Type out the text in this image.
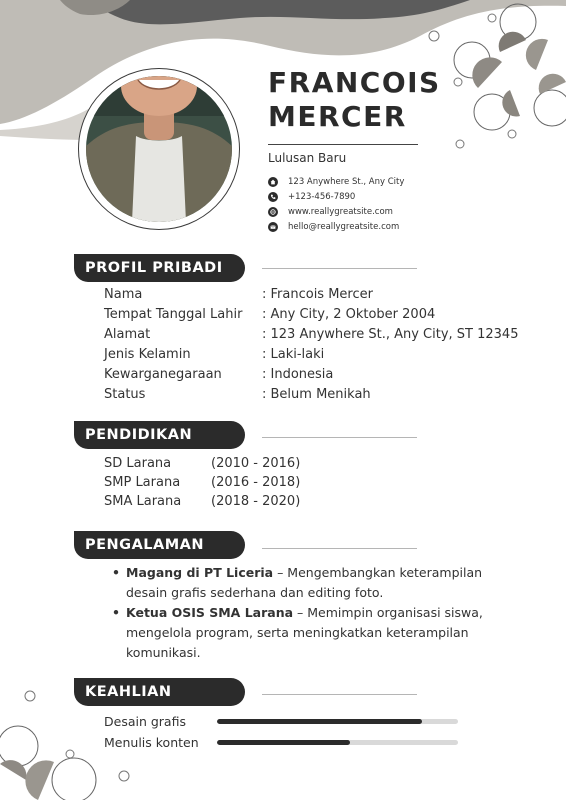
FRANCOIS
MERCER
Lulusan Baru
123 Anywhere St., Any City
+123-456-7890
www.reallygreatsite.com
hello@reallygreatsite.com
PROFIL PRIBADI
Nama	: Francois Mercer
Tempat Tanggal Lahir	: Any City, 2 Oktober 2004
Alamat	: 123 Anywhere St., Any City, ST 12345
Jenis Kelamin	: Laki-laki
Kewarganegaraan	: Indonesia
Status	: Belum Menikah
PENDIDIKAN
SD Larana	(2010 - 2016)
SMP Larana	(2016 - 2018)
SMA Larana	(2018 - 2020)
PENGALAMAN
• Magang di PT Liceria – Mengembangkan keterampilan desain grafis sederhana dan editing foto.
• Ketua OSIS SMA Larana – Memimpin organisasi siswa, mengelola program, serta meningkatkan keterampilan komunikasi.
KEAHLIAN
Desain grafis
Menulis konten
